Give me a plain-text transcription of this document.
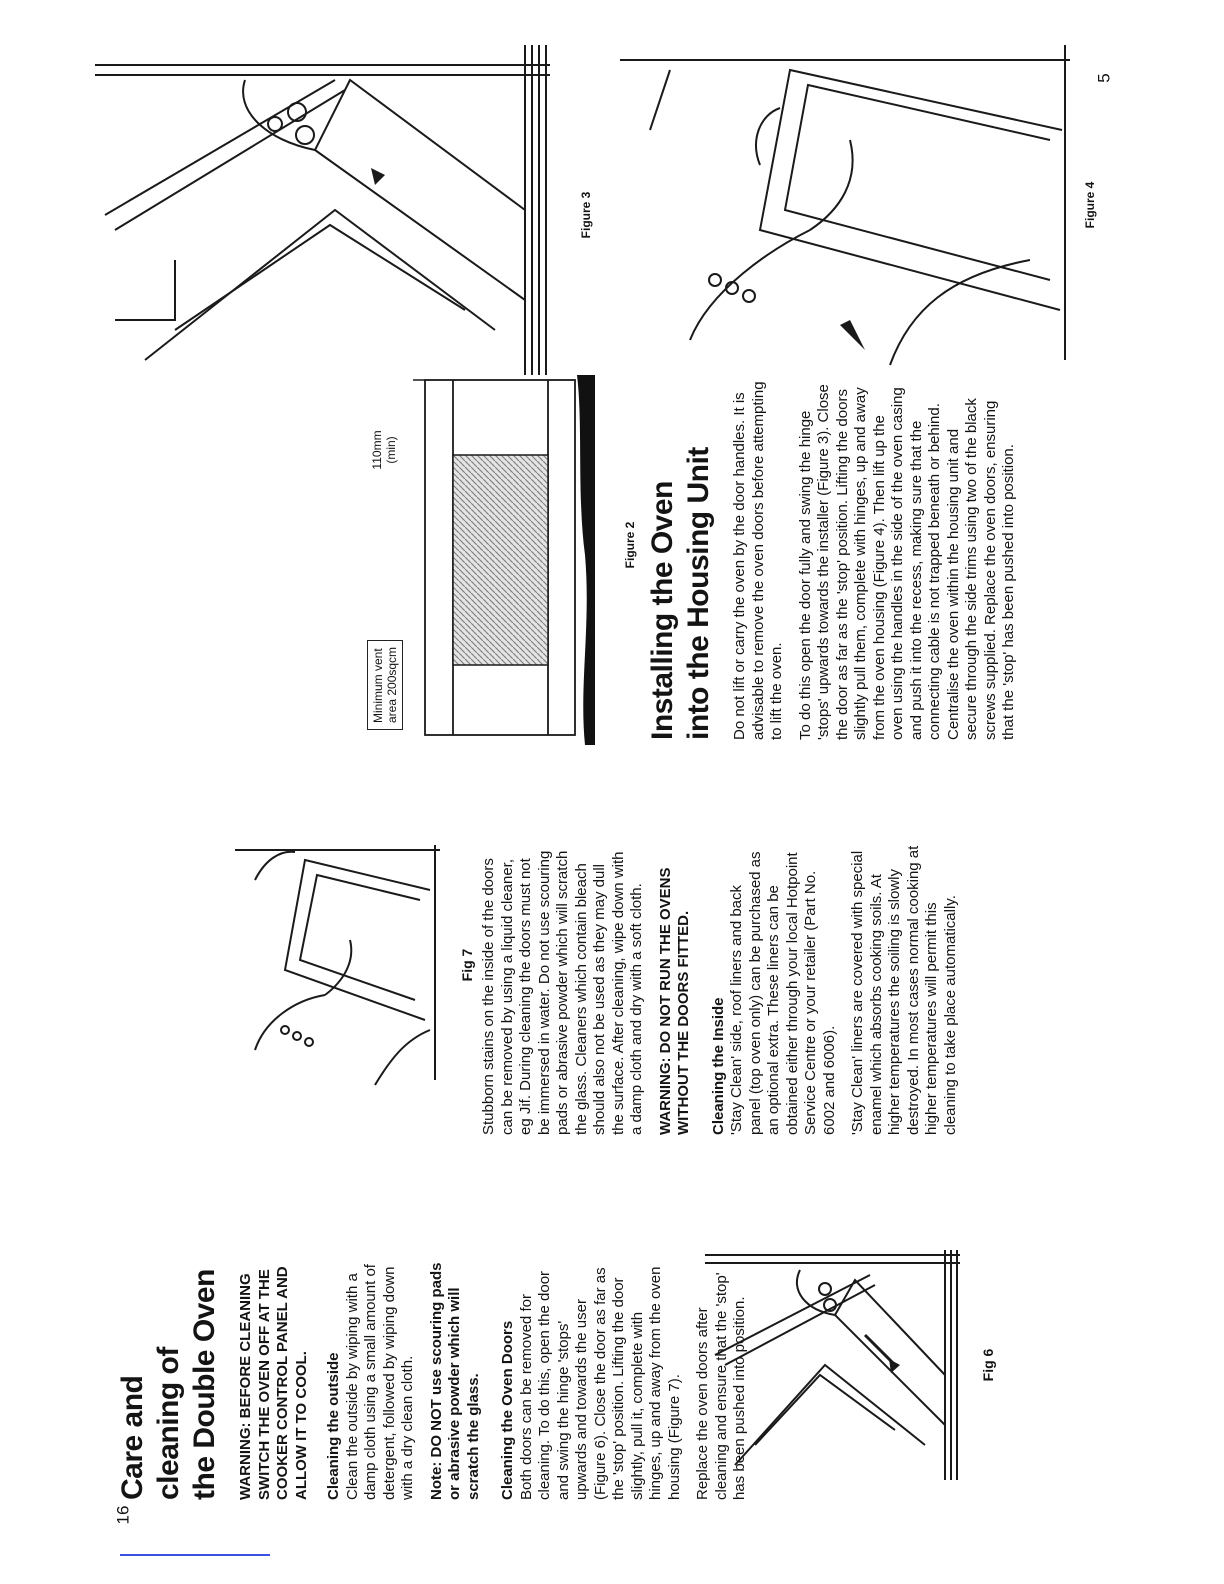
16
5
Care and cleaning of the Double Oven WARNING: BEFORE CLEANING SWITCH THE OVEN OFF AT THE COOKER CONTROL PANEL AND ALLOW IT TO COOL. Cleaning the outside Clean the outside by wiping with a damp cloth using a small amount of detergent, followed by wiping down with a dry clean cloth. Note: DO NOT use scouring pads or abrasive powder which will scratch the glass. Cleaning the Oven Doors Both doors can be removed for cleaning. To do this, open the door and swing the hinge 'stops' upwards and towards the user (Figure 6). Close the door as far as the 'stop' position. Lifting the door slightly, pull it, complete with hinges, up and away from the oven housing (Figure 7). Replace the oven doors after cleaning and ensure that the 'stop' has been pushed into position.	Fig 6
Fig 7 Stubborn stains on the inside of the doors can be removed by using a liquid cleaner, eg Jif. During cleaning the doors must not be immersed in water. Do not use scouring pads or abrasive powder which will scratch the glass. Cleaners which contain bleach should also not be used as they may dull the surface. After cleaning, wipe down with a damp cloth and dry with a soft cloth. WARNING: DO NOT RUN THE OVENS WITHOUT THE DOORS FITTED. Cleaning the Inside 'Stay Clean' side, roof liners and back panel (top oven only) can be purchased as an optional extra. These liners can be obtained either through your local Hotpoint Service Centre or your retailer (Part No. 6002 and 6006). 'Stay Clean' liners are covered with special enamel which absorbs cooking soils. At higher temperatures the soiling is slowly destroyed. In most cases normal cooking at higher temperatures will permit this cleaning to take place automatically.

Minimum vent area 200sqcm
110mm (min)
Figure 2 Installing the Oven into the Housing Unit Do not lift or carry the oven by the door handles. It is advisable to remove the oven doors before attempting to lift the oven. To do this open the door fully and swing the hinge 'stops' upwards towards the installer (Figure 3). Close the door as far as the 'stop' position. Lifting the doors slightly pull them, complete with hinges, up and away from the oven housing (Figure 4). Then lift up the oven using the handles in the side of the oven casing and push it into the recess, making sure that the connecting cable is not trapped beneath or behind. Centralise the oven within the housing unit and secure through the side trims using two of the black screws supplied. Replace the oven doors, ensuring that the 'stop' has been pushed into position.

Figure 3	Figure 4
